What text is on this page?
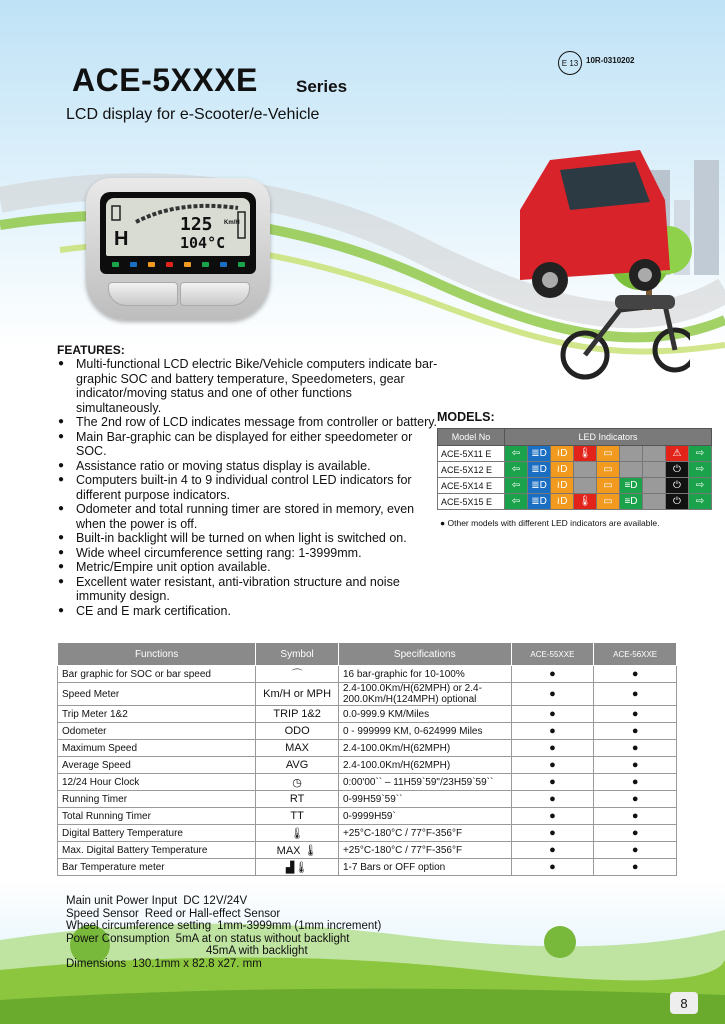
E 13 10R-0310202
ACE-5XXXE Series
LCD display for e-Scooter/e-Vehicle
125 Km/H
H	104°C
FEATURES:
● Multi-functional LCD electric Bike/Vehicle computers indicate bar-graphic SOC and battery temperature, Speedometers, gear indicator/moving status and one of other functions simultaneously.
● The 2nd row of LCD indicates message from controller or battery.
● Main Bar-graphic can be displayed for either speedometer or SOC.
● Assistance ratio or moving status display is available.
● Computers built-in 4 to 9 individual control LED indicators for different purpose indicators.
● Odometer and total running timer are stored in memory, even when the power is off.
● Built-in backlight will be turned on when light is switched on.
● Wide wheel circumference setting rang: 1-3999mm.
● Metric/Empire unit option available.
● Excellent water resistant, anti-vibration structure and noise immunity design.
● CE and E mark certification.
MODELS:
Model No	LED Indicators								
ACE-5X11 E	⇦	≣D	≀D	🌡	▭			⚠	⇨

ACE-5X12 E	⇦	≣D	≀D		▭			⏻	⇨

ACE-5X14 E	⇦	≣D	≀D		▭	≡D		⏻	⇨

ACE-5X15 E	⇦	≣D	≀D	🌡	▭	≡D		⏻	⇨
● Other models with different LED indicators are available.
Functions	Symbol	Specifications	ACE-55XXE	ACE-56XXE
Bar graphic for SOC or bar speed	⌒	16 bar-graphic for 10-100%	●	●
Speed Meter	Km/H or MPH	2.4-100.0Km/H(62MPH) or 2.4-200.0Km/H(124MPH) optional	●	●
Trip Meter 1&2	TRIP 1&2	0.0-999.9 KM/Miles	●	●
Odometer	ODO	0 - 999999 KM, 0-624999 Miles	●	●
Maximum Speed	MAX	2.4-100.0Km/H(62MPH)	●	●
Average Speed	AVG	2.4-100.0Km/H(62MPH)	●	●
12/24 Hour Clock	◷	0:00'00`` – 11H59`59"/23H59`59``	●	●
Running Timer	RT	0-99H59`59``	●	●
Total Running Timer	TT	0-9999H59`	●	●
Digital Battery Temperature	🌡	+25°C-180°C / 77°F-356°F	●	●
Max. Digital Battery Temperature	MAX 🌡	+25°C-180°C / 77°F-356°F	●	●
Bar Temperature meter	▟🌡	1-7 Bars or OFF option	●	●
Main unit Power Input DC 12V/24V
Speed Sensor Reed or Hall-effect Sensor
Wheel circumference setting 1mm-3999mm (1mm increment)
Power Consumption 5mA at on status without backlight
45mA with backlight
Dimensions 130.1mm x 82.8 x27. mm
8
